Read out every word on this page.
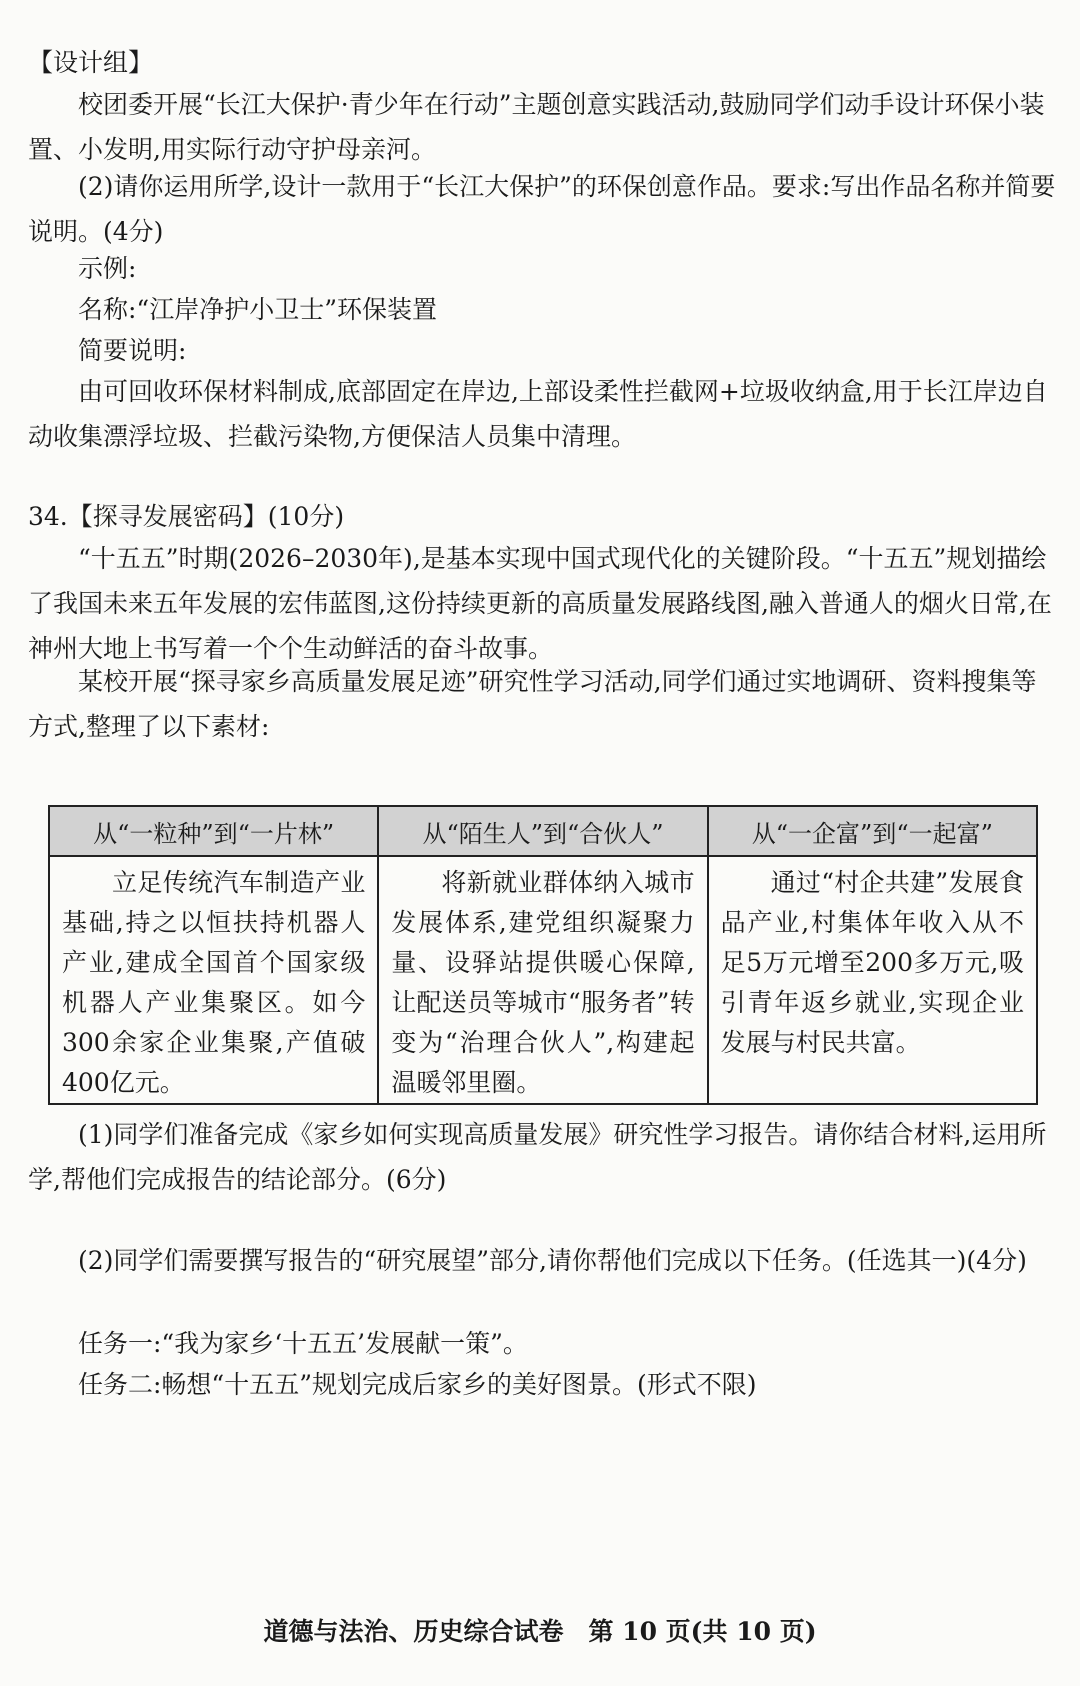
【设计组】

　　校团委开展“长江大保护·青少年在行动”主题创意实践活动,鼓励同学们动手设计环保小装置、小发明,用实际行动守护母亲河。

　　(2)请你运用所学,设计一款用于“长江大保护”的环保创意作品。要求:写出作品名称并简要说明。(4分)

　　示例:

　　名称:“江岸净护小卫士”环保装置

　　简要说明:

　　由可回收环保材料制成,底部固定在岸边,上部设柔性拦截网+垃圾收纳盒,用于长江岸边自动收集漂浮垃圾、拦截污染物,方便保洁人员集中清理。

34.【探寻发展密码】(10分)

　　“十五五”时期(2026–2030年),是基本实现中国式现代化的关键阶段。“十五五”规划描绘了我国未来五年发展的宏伟蓝图,这份持续更新的高质量发展路线图,融入普通人的烟火日常,在神州大地上书写着一个个生动鲜活的奋斗故事。

　　某校开展“探寻家乡高质量发展足迹”研究性学习活动,同学们通过实地调研、资料搜集等方式,整理了以下素材:

从“一粒种”到“一片林”	从“陌生人”到“合伙人”	从“一企富”到“一起富”
立足传统汽车制造产业基础,持之以恒扶持机器人产业,建成全国首个国家级机器人产业集聚区。如今300余家企业集聚,产值破400亿元。	将新就业群体纳入城市发展体系,建党组织凝聚力量、设驿站提供暖心保障,让配送员等城市“服务者”转变为“治理合伙人”,构建起温暖邻里圈。	通过“村企共建”发展食品产业,村集体年收入从不足5万元增至200多万元,吸引青年返乡就业,实现企业发展与村民共富。

　　(1)同学们准备完成《家乡如何实现高质量发展》研究性学习报告。请你结合材料,运用所学,帮他们完成报告的结论部分。(6分)

　　(2)同学们需要撰写报告的“研究展望”部分,请你帮他们完成以下任务。(任选其一)(4分)

　　任务一:“我为家乡‘十五五’发展献一策”。

　　任务二:畅想“十五五”规划完成后家乡的美好图景。(形式不限)

道德与法治、历史综合试卷　第 10 页(共 10 页)
